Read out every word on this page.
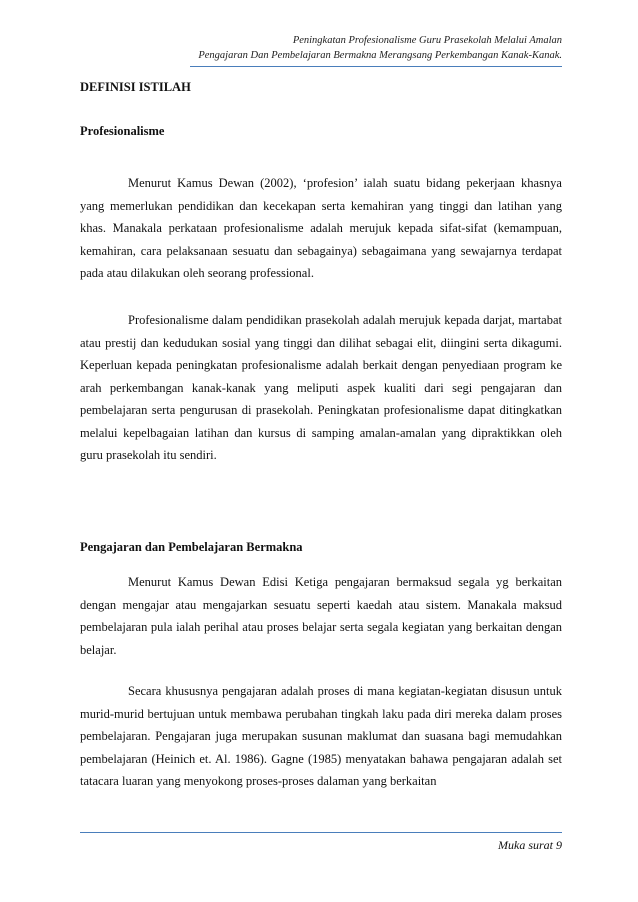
Peningkatan Profesionalisme Guru Prasekolah Melalui Amalan
Pengajaran Dan Pembelajaran Bermakna Merangsang Perkembangan Kanak-Kanak.
DEFINISI ISTILAH
Profesionalisme

Menurut Kamus Dewan (2002), ‘profesion’ ialah suatu bidang pekerjaan khasnya yang memerlukan pendidikan dan kecekapan serta kemahiran yang tinggi dan latihan yang khas. Manakala perkataan profesionalisme adalah merujuk kepada sifat-sifat (kemampuan, kemahiran, cara pelaksanaan sesuatu dan sebagainya) sebagaimana yang sewajarnya terdapat pada atau dilakukan oleh seorang professional.

Profesionalisme dalam pendidikan prasekolah adalah merujuk kepada darjat, martabat atau prestij dan kedudukan sosial yang tinggi dan dilihat sebagai elit, diingini serta dikagumi. Keperluan kepada peningkatan profesionalisme adalah berkait dengan penyediaan program ke arah perkembangan kanak-kanak yang meliputi aspek kualiti dari segi pengajaran dan pembelajaran serta pengurusan di prasekolah. Peningkatan profesionalisme dapat ditingkatkan melalui kepelbagaian latihan dan kursus di samping amalan-amalan yang dipraktikkan oleh guru prasekolah itu sendiri.

Pengajaran dan Pembelajaran Bermakna

Menurut Kamus Dewan Edisi Ketiga pengajaran bermaksud segala yg berkaitan dengan mengajar atau mengajarkan sesuatu seperti kaedah atau sistem. Manakala maksud pembelajaran pula ialah perihal atau proses belajar serta segala kegiatan yang berkaitan dengan belajar.

Secara khususnya pengajaran adalah proses di mana kegiatan-kegiatan disusun untuk murid-murid bertujuan untuk membawa perubahan tingkah laku pada diri mereka dalam proses pembelajaran. Pengajaran juga merupakan susunan maklumat dan suasana bagi memudahkan pembelajaran (Heinich et. Al. 1986). Gagne (1985) menyatakan bahawa pengajaran adalah set tatacara luaran yang menyokong proses-proses dalaman yang berkaitan

Muka surat 9
